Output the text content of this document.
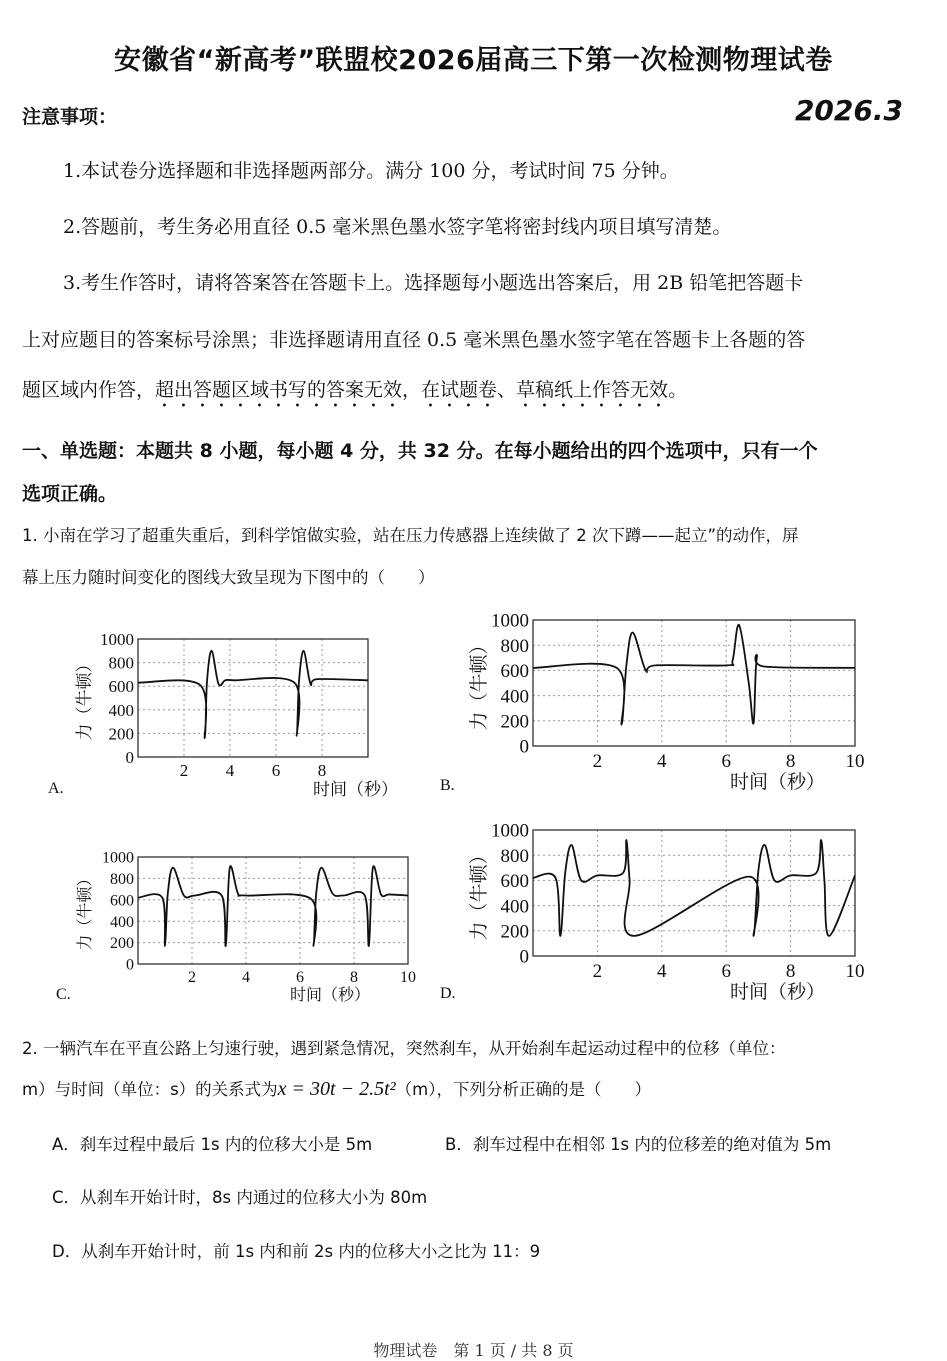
安徽省“新高考”联盟校2026届高三下第一次检测物理试卷
注意事项：	2026.3
1.本试卷分选择题和非选择题两部分。满分 100 分，考试时间 75 分钟。
2.答题前，考生务必用直径 0.5 毫米黑色墨水签字笔将密封线内项目填写清楚。
3.考生作答时，请将答案答在答题卡上。选择题每小题选出答案后，用 2B 铅笔把答题卡
上对应题目的答案标号涂黑；非选择题请用直径 0.5 毫米黑色墨水签字笔在答题卡上各题的答
题区域内作答，超出答题区域书写的答案无效，在试题卷、草稿纸上作答无效。
一、单选题：本题共 8 小题，每小题 4 分，共 32 分。在每小题给出的四个选项中，只有一个
选项正确。
1. 小南在学习了超重失重后，到科学馆做实验，站在压力传感器上连续做了 2 次下蹲——起立”的动作，屏
幕上压力随时间变化的图线大致呈现为下图中的（　　）
0
200
400
600
800
1000
2 4 6 8
力（牛顿）
时间（秒）
A.
0
200
400
600
800
1000
2	4	6	8	10
力（牛顿）
时间（秒）
B.
0
200
400
600
800
1000
2	4	6	8	10
力（牛顿）
时间（秒）
C.
0
200
400
600
800
1000
2	4	6	8	10
力（牛顿）
时间（秒）
D.
2. 一辆汽车在平直公路上匀速行驶，遇到紧急情况，突然刹车，从开始刹车起运动过程中的位移（单位：
m）与时间（单位：s）的关系式为x = 30t − 2.5t²（m），下列分析正确的是（　　）
A．刹车过程中最后 1s 内的位移大小是 5m	B．刹车过程中在相邻 1s 内的位移差的绝对值为 5m
C．从刹车开始计时，8s 内通过的位移大小为 80m
D．从刹车开始计时，前 1s 内和前 2s 内的位移大小之比为 11：9
物理试卷　第 1 页 / 共 8 页
